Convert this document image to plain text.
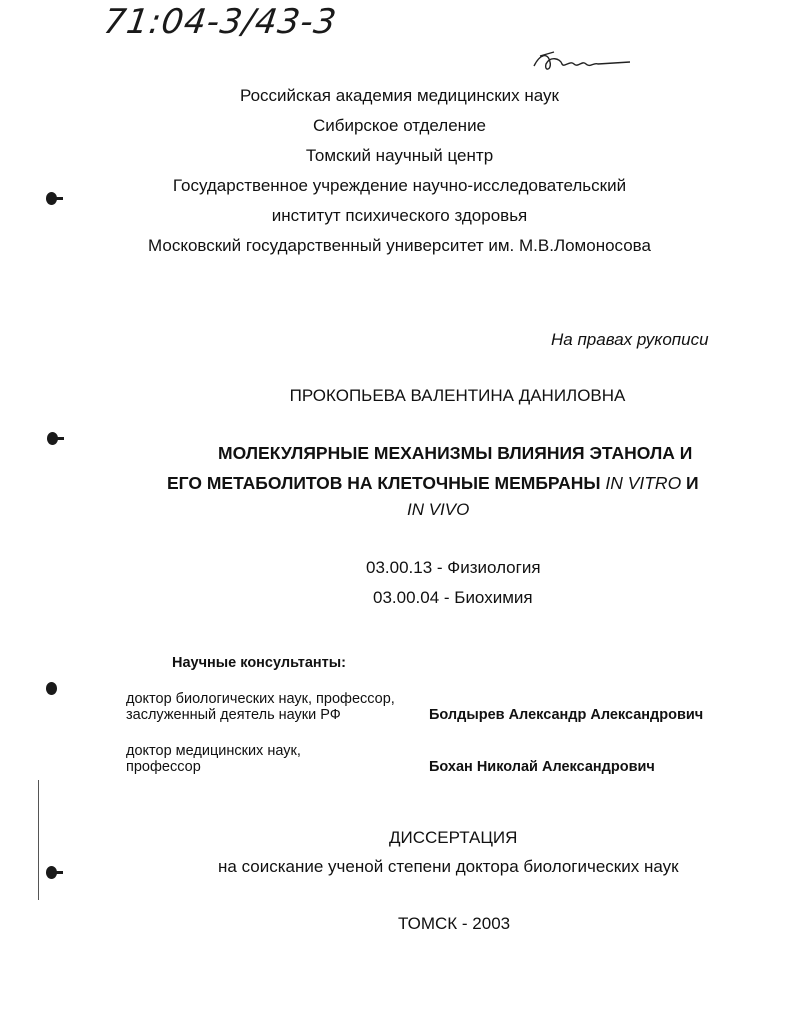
71:04-3/43-3
Российская академия медицинских наук
Сибирское отделение
Томский научный центр
Государственное учреждение научно-исследовательский
институт психического здоровья
Московский государственный университет им. М.В.Ломоносова
На правах рукописи
ПРОКОПЬЕВА ВАЛЕНТИНА ДАНИЛОВНА
МОЛЕКУЛЯРНЫЕ МЕХАНИЗМЫ ВЛИЯНИЯ ЭТАНОЛА И
ЕГО МЕТАБОЛИТОВ НА КЛЕТОЧНЫЕ МЕМБРАНЫ IN VITRO И
IN VIVO
03.00.13 - Физиология
03.00.04 - Биохимия
Научные консультанты:
доктор биологических наук, профессор,
заслуженный деятель науки РФ	Болдырев Александр Александрович
доктор медицинских наук,
профессор	Бохан Николай Александрович
ДИССЕРТАЦИЯ
на соискание ученой степени доктора биологических наук
ТОМСК - 2003
